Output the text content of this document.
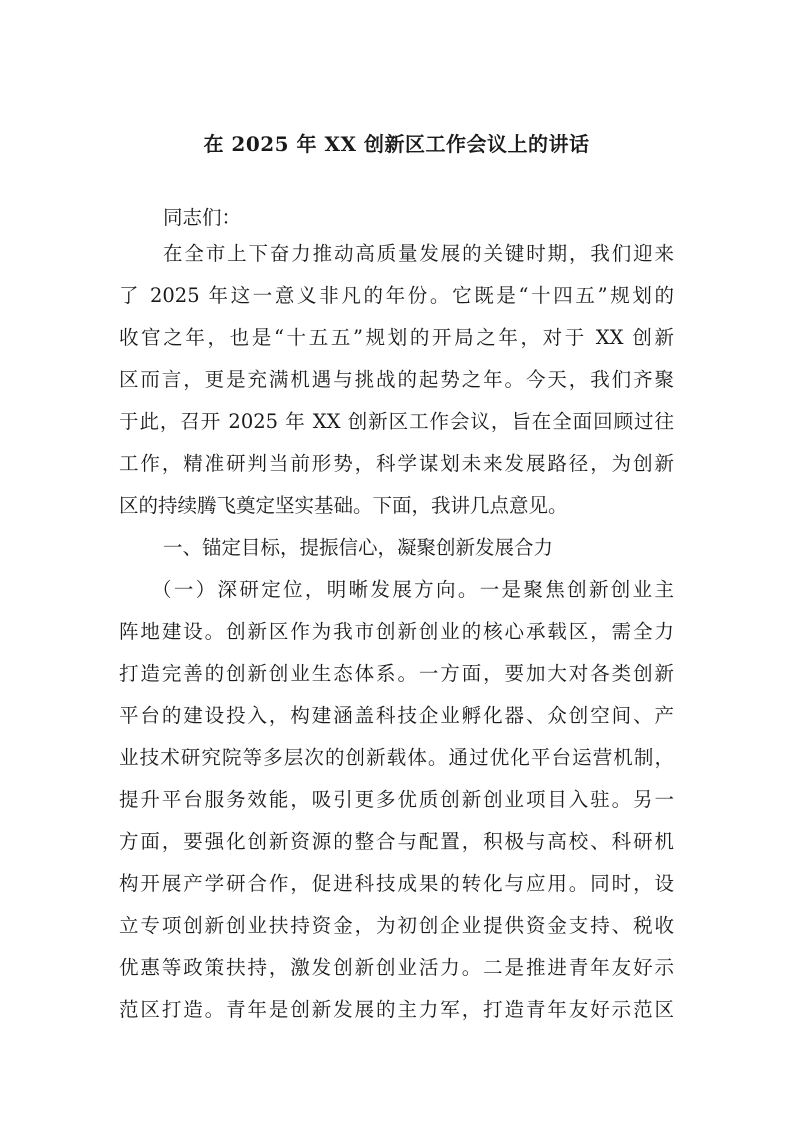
在 2025 年 XX 创新区工作会议上的讲话
同志们：
在全市上下奋力推动高质量发展的关键时期，我们迎来
了 2025 年这一意义非凡的年份。它既是“十四五”规划的
收官之年，也是“十五五”规划的开局之年，对于 XX 创新
区而言，更是充满机遇与挑战的起势之年。今天，我们齐聚
于此，召开 2025 年 XX 创新区工作会议，旨在全面回顾过往
工作，精准研判当前形势，科学谋划未来发展路径，为创新
区的持续腾飞奠定坚实基础。下面，我讲几点意见。
一、锚定目标，提振信心，凝聚创新发展合力
（一）深研定位，明晰发展方向。一是聚焦创新创业主
阵地建设。创新区作为我市创新创业的核心承载区，需全力
打造完善的创新创业生态体系。一方面，要加大对各类创新
平台的建设投入，构建涵盖科技企业孵化器、众创空间、产
业技术研究院等多层次的创新载体。通过优化平台运营机制，
提升平台服务效能，吸引更多优质创新创业项目入驻。另一
方面，要强化创新资源的整合与配置，积极与高校、科研机
构开展产学研合作，促进科技成果的转化与应用。同时，设
立专项创新创业扶持资金，为初创企业提供资金支持、税收
优惠等政策扶持，激发创新创业活力。二是推进青年友好示
范区打造。青年是创新发展的主力军，打造青年友好示范区
